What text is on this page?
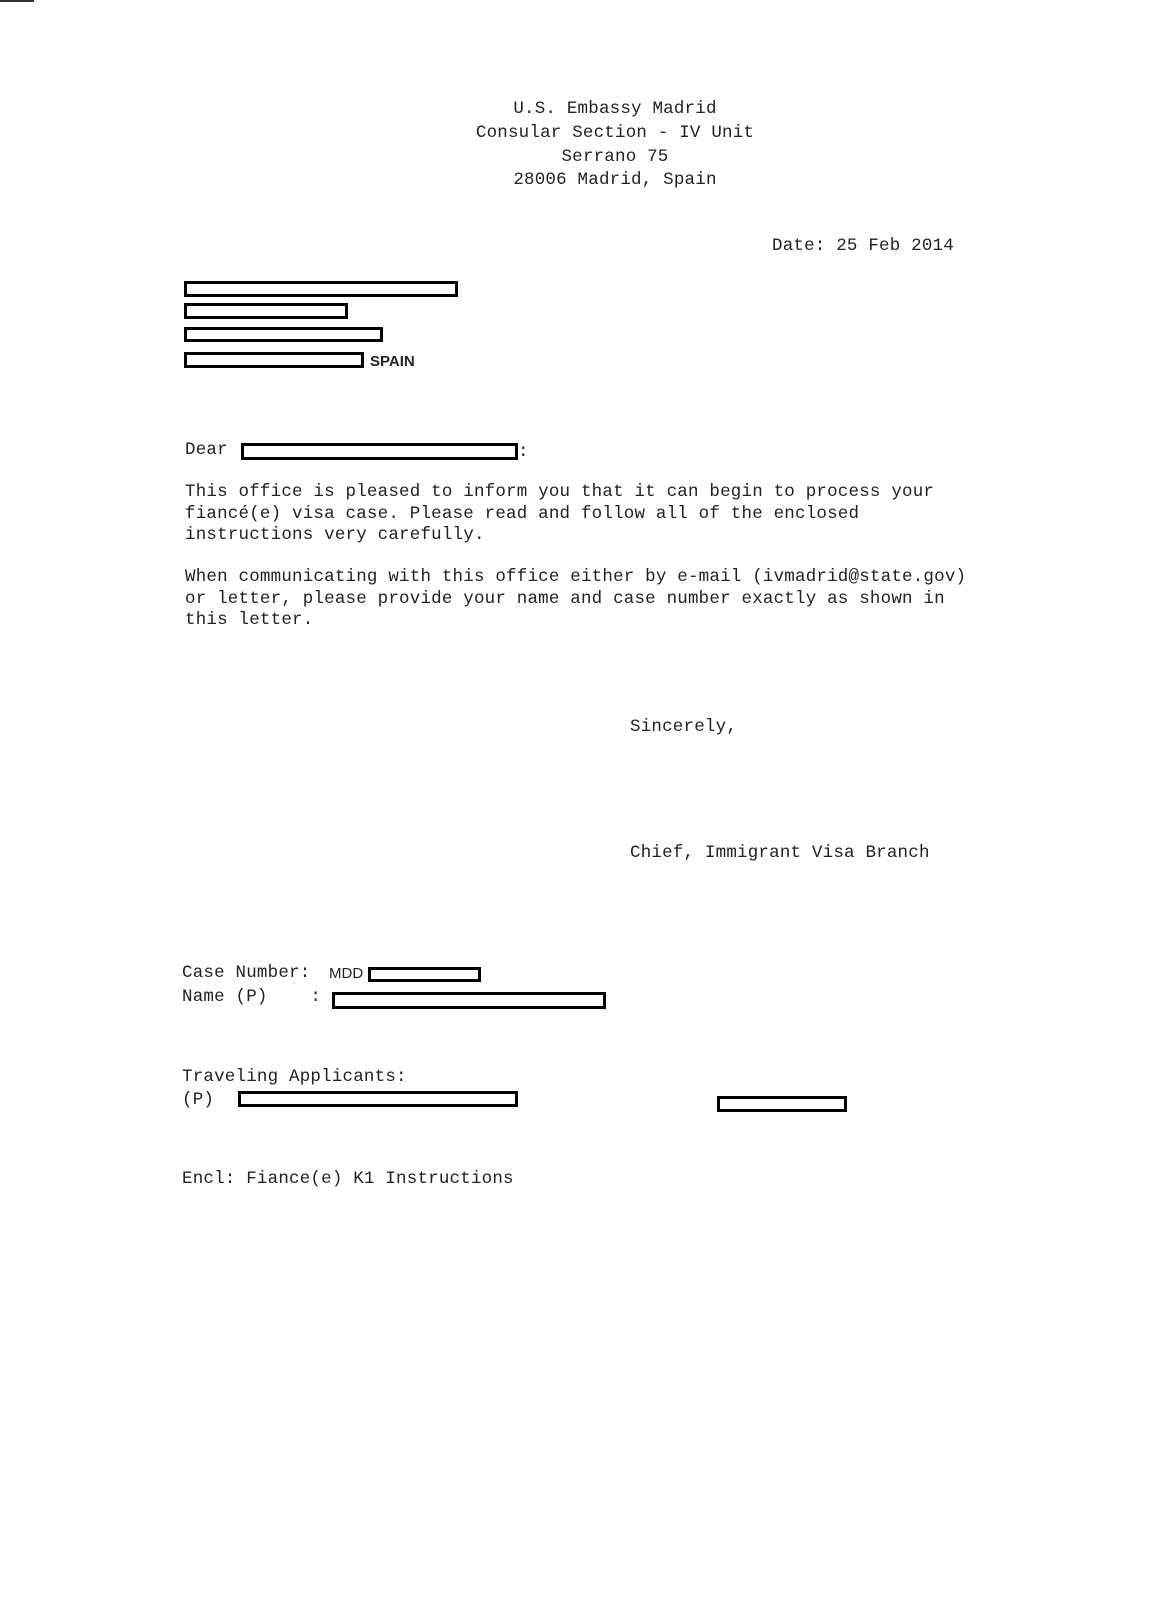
U.S. Embassy Madrid
Consular Section - IV Unit
Serrano 75
28006 Madrid, Spain
Date: 25 Feb 2014
SPAIN
Dear	:
This office is pleased to inform you that it can begin to process your
fiancé(e) visa case. Please read and follow all of the enclosed
instructions very carefully.
When communicating with this office either by e-mail (ivmadrid@state.gov)
or letter, please provide your name and case number exactly as shown in
this letter.
Sincerely,
Chief, Immigrant Visa Branch
Case Number: MDD
Name (P)    :
Traveling Applicants:
(P)
Encl: Fiance(e) K1 Instructions
